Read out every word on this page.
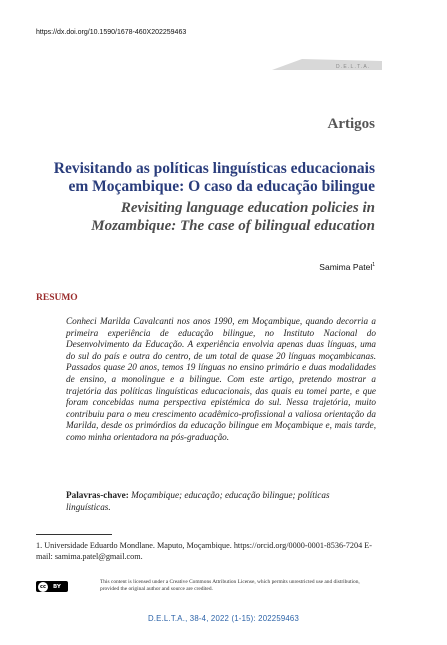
https://dx.doi.org/10.1590/1678-460X202259463
D.E.L.T.A.
Artigos
Revisitando as políticas linguísticas educacionais em Moçambique: O caso da educação bilingue
Revisiting language education policies in Mozambique: The case of bilingual education
Samima Patel$^1$
RESUMO
Conheci Marilda Cavalcanti nos anos 1990, em Moçambique, quando decorria a primeira experiência de educação bilingue, no Instituto Nacional do Desenvolvimento da Educação. A experiência envolvia apenas duas línguas, uma do sul do país e outra do centro, de um total de quase 20 línguas moçambicanas. Passados quase 20 anos, temos 19 línguas no ensino primário e duas modalidades de ensino, a monolingue e a bilingue. Com este artigo, pretendo mostrar a trajetória das políticas linguísticas educacionais, das quais eu tomei parte, e que foram concebidas numa perspectiva epistémica do sul. Nessa trajetória, muito contribuiu para o meu crescimento acadêmico-profissional a valiosa orientação da Marilda, desde os primórdios da educação bilingue em Moçambique e, mais tarde, como minha orientadora na pós-graduação.
Palavras-chave: Moçambique; educação; educação bilingue; políticas linguísticas.
1. Universidade Eduardo Mondlane. Maputo, Moçambique. https://orcid.org/0000-0001-8536-7204 E-mail: samima.patel@gmail.com.
cc	BY
This content is licensed under a Creative Commons Attribution License, which permits unrestricted use and distribution, provided the original author and source are credited.
D.E.L.T.A., 38-4, 2022 (1-15): 202259463
